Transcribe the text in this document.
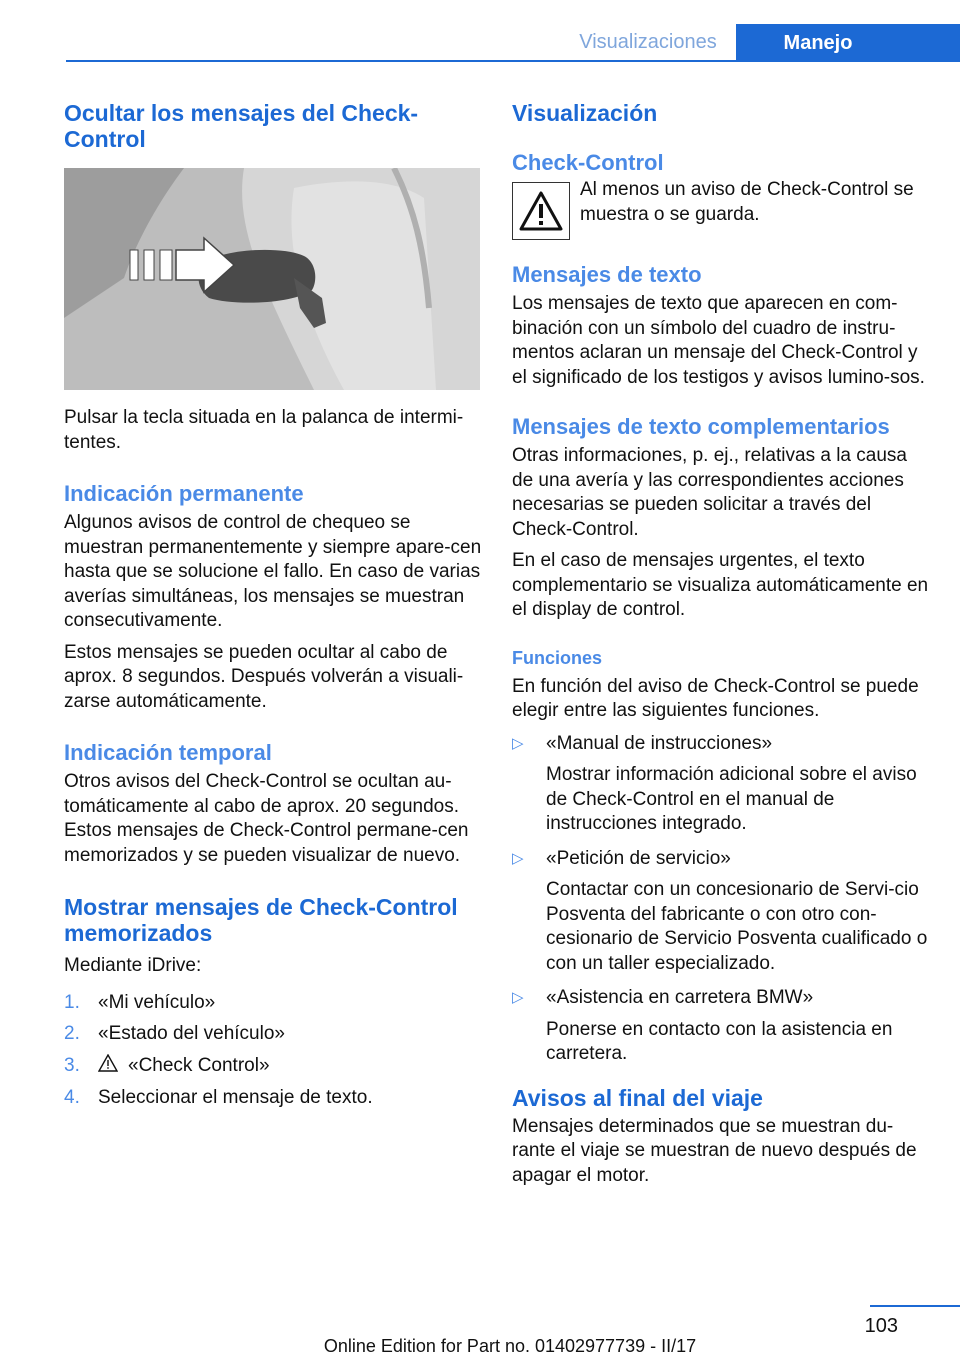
Visualizaciones	Manejo
Ocultar los mensajes del Check-Control

Pulsar la tecla situada en la palanca de intermi-tentes.

Indicación permanente

Algunos avisos de control de chequeo se muestran permanentemente y siempre apare-cen hasta que se solucione el fallo. En caso de varias averías simultáneas, los mensajes se muestran consecutivamente.

Estos mensajes se pueden ocultar al cabo de aprox. 8 segundos. Después volverán a visuali-zarse automáticamente.

Indicación temporal

Otros avisos del Check-Control se ocultan au-tomáticamente al cabo de aprox. 20 segundos. Estos mensajes de Check-Control permane-cen memorizados y se pueden visualizar de nuevo.

Mostrar mensajes de Check-Control memorizados

Mediante iDrive:

1. «Mi vehículo»
2. «Estado del vehículo»
3.	«Check Control»
4. Seleccionar el mensaje de texto.
Visualización
Check-Control

Al menos un aviso de Check-Control se muestra o se guarda.

Mensajes de texto

Los mensajes de texto que aparecen en com-binación con un símbolo del cuadro de instru-mentos aclaran un mensaje del Check-Control y el significado de los testigos y avisos lumino-sos.

Mensajes de texto complementarios

Otras informaciones, p. ej., relativas a la causa de una avería y las correspondientes acciones necesarias se pueden solicitar a través del Check-Control.

En el caso de mensajes urgentes, el texto complementario se visualiza automáticamente en el display de control.

Funciones

En función del aviso de Check-Control se puede elegir entre las siguientes funciones.

▷	«Manual de instrucciones»

Mostrar información adicional sobre el aviso de Check-Control en el manual de instrucciones integrado.

▷	«Petición de servicio»

Contactar con un concesionario de Servi-cio Posventa del fabricante o con otro con-cesionario de Servicio Posventa cualificado o con un taller especializado.

▷	«Asistencia en carretera BMW»

Ponerse en contacto con la asistencia en carretera.

Avisos al final del viaje

Mensajes determinados que se muestran du-rante el viaje se muestran de nuevo después de apagar el motor.

103
Online Edition for Part no. 01402977739 - II/17
